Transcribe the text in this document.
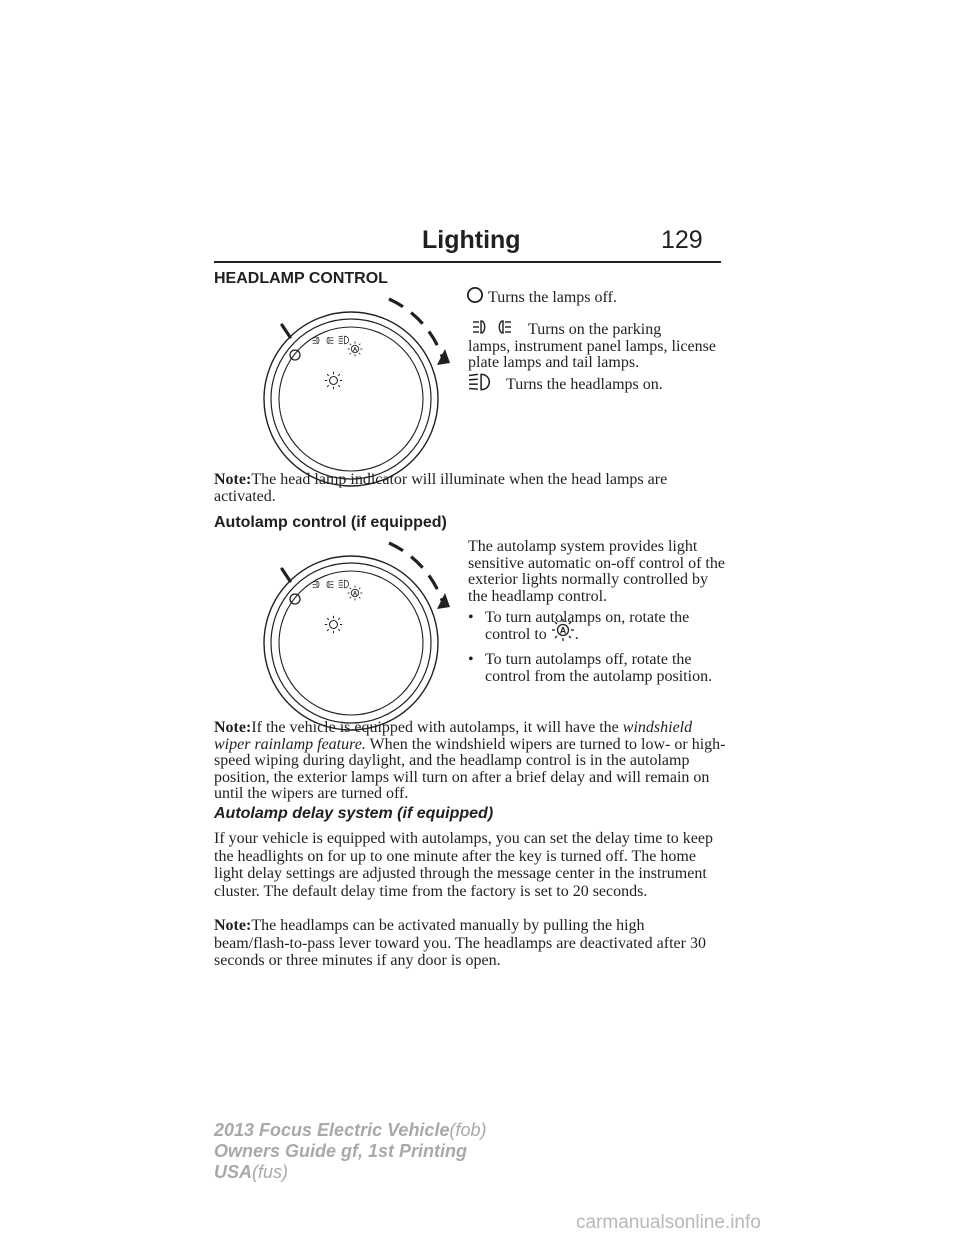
Lighting	129
HEADLAMP CONTROL
Turns the lamps off.
Turns on the parking
lamps, instrument panel lamps, license plate lamps and tail lamps.
Turns the headlamps on.
Note:The head lamp indicator will illuminate when the head lamps are activated.
Autolamp control (if equipped)
The autolamp system provides light sensitive automatic on-off control of the exterior lights normally controlled by the headlamp control.
• To turn autolamps on, rotate the
control to .
• To turn autolamps off, rotate the control from the autolamp position.
Note:If the vehicle is equipped with autolamps, it will have the windshield wiper rainlamp feature. When the windshield wipers are turned to low- or high-speed wiping during daylight, and the headlamp control is in the autolamp position, the exterior lamps will turn on after a brief delay and will remain on until the wipers are turned off.
Autolamp delay system (if equipped)
If your vehicle is equipped with autolamps, you can set the delay time to keep the headlights on for up to one minute after the key is turned off. The home light delay settings are adjusted through the message center in the instrument cluster. The default delay time from the factory is set to 20 seconds.
Note:The headlamps can be activated manually by pulling the high beam/flash-to-pass lever toward you. The headlamps are deactivated after 30 seconds or three minutes if any door is open.
2013 Focus Electric Vehicle(fob)
Owners Guide gf, 1st Printing
USA(fus)
carmanualsonline.info
